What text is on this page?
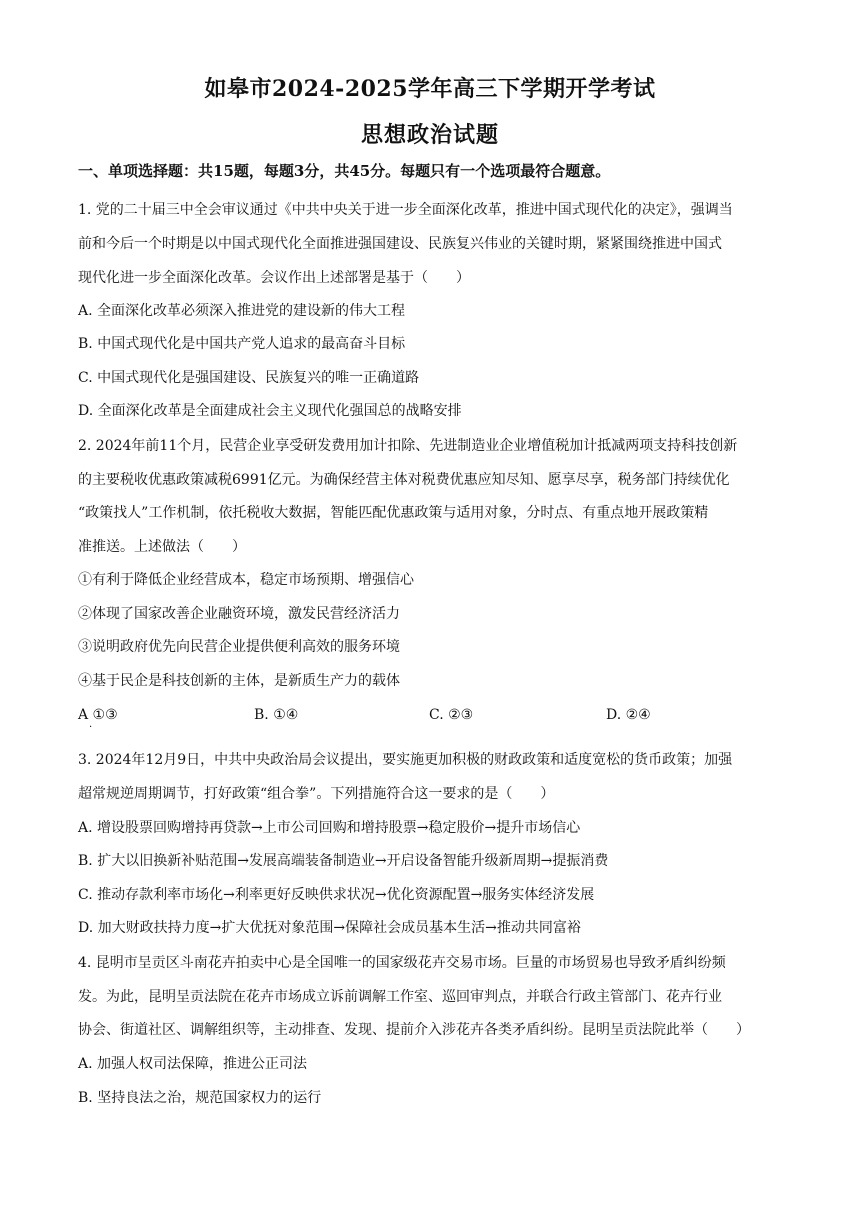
如皋市2024-2025学年高三下学期开学考试
思想政治试题
一、单项选择题：共15题，每题3分，共45分。每题只有一个选项最符合题意。
1. 党的二十届三中全会审议通过《中共中央关于进一步全面深化改革，推进中国式现代化的决定》，强调当
前和今后一个时期是以中国式现代化全面推进强国建设、民族复兴伟业的关键时期，紧紧围绕推进中国式
现代化进一步全面深化改革。会议作出上述部署是基于（　　）
A. 全面深化改革必须深入推进党的建设新的伟大工程
B. 中国式现代化是中国共产党人追求的最高奋斗目标
C. 中国式现代化是强国建设、民族复兴的唯一正确道路
D. 全面深化改革是全面建成社会主义现代化强国总的战略安排
2. 2024年前11个月，民营企业享受研发费用加计扣除、先进制造业企业增值税加计抵减两项支持科技创新
的主要税收优惠政策减税6991亿元。为确保经营主体对税费优惠应知尽知、愿享尽享，税务部门持续优化
“政策找人”工作机制，依托税收大数据，智能匹配优惠政策与适用对象，分时点、有重点地开展政策精
准推送。上述做法（　　）
①有利于降低企业经营成本，稳定市场预期、增强信心
②体现了国家改善企业融资环境，激发民营经济活力
③说明政府优先向民营企业提供便利高效的服务环境
④基于民企是科技创新的主体，是新质生产力的载体
A ①③
·
B. ①④	C. ②③	D. ②④
3. 2024年12月9日，中共中央政治局会议提出，要实施更加积极的财政政策和适度宽松的货币政策；加强
超常规逆周期调节，打好政策“组合拳”。下列措施符合这一要求的是（　　）
A. 增设股票回购增持再贷款→上市公司回购和增持股票→稳定股价→提升市场信心
B. 扩大以旧换新补贴范围→发展高端装备制造业→开启设备智能升级新周期→提振消费
C. 推动存款利率市场化→利率更好反映供求状况→优化资源配置→服务实体经济发展
D. 加大财政扶持力度→扩大优抚对象范围→保障社会成员基本生活→推动共同富裕
4. 昆明市呈贡区斗南花卉拍卖中心是全国唯一的国家级花卉交易市场。巨量的市场贸易也导致矛盾纠纷频
发。为此，昆明呈贡法院在花卉市场成立诉前调解工作室、巡回审判点，并联合行政主管部门、花卉行业
协会、街道社区、调解组织等，主动排查、发现、提前介入涉花卉各类矛盾纠纷。昆明呈贡法院此举（　　）
A. 加强人权司法保障，推进公正司法
B. 坚持良法之治，规范国家权力的运行
